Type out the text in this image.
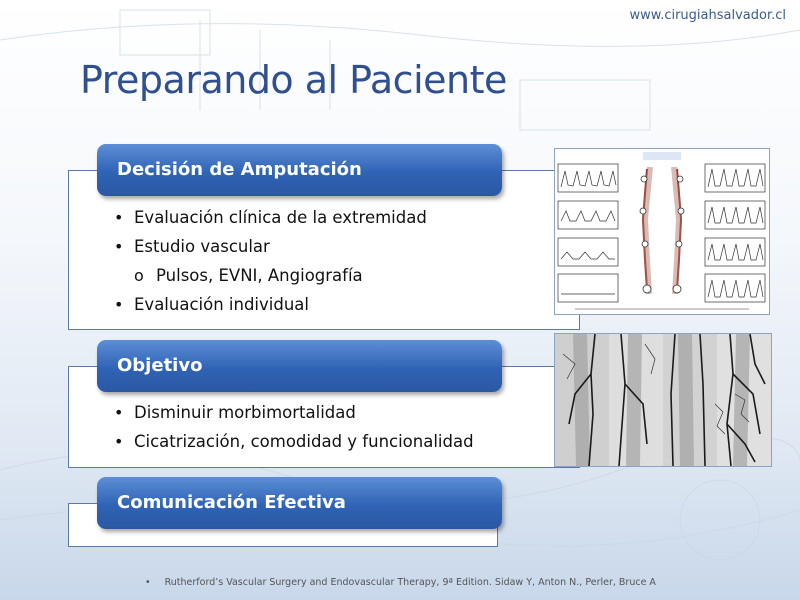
www.cirugiahsalvador.cl
Preparando al Paciente
Decisión de Amputación
• Evaluación clínica de la extremidad
• Estudio vascular
o Pulsos, EVNI, Angiografía
• Evaluación individual
Objetivo
• Disminuir morbimortalidad
• Cicatrización, comodidad y funcionalidad
Comunicación Efectiva
• Rutherford’s Vascular Surgery and Endovascular Therapy, 9ª Edition. Sidaw Y, Anton N., Perler, Bruce A
